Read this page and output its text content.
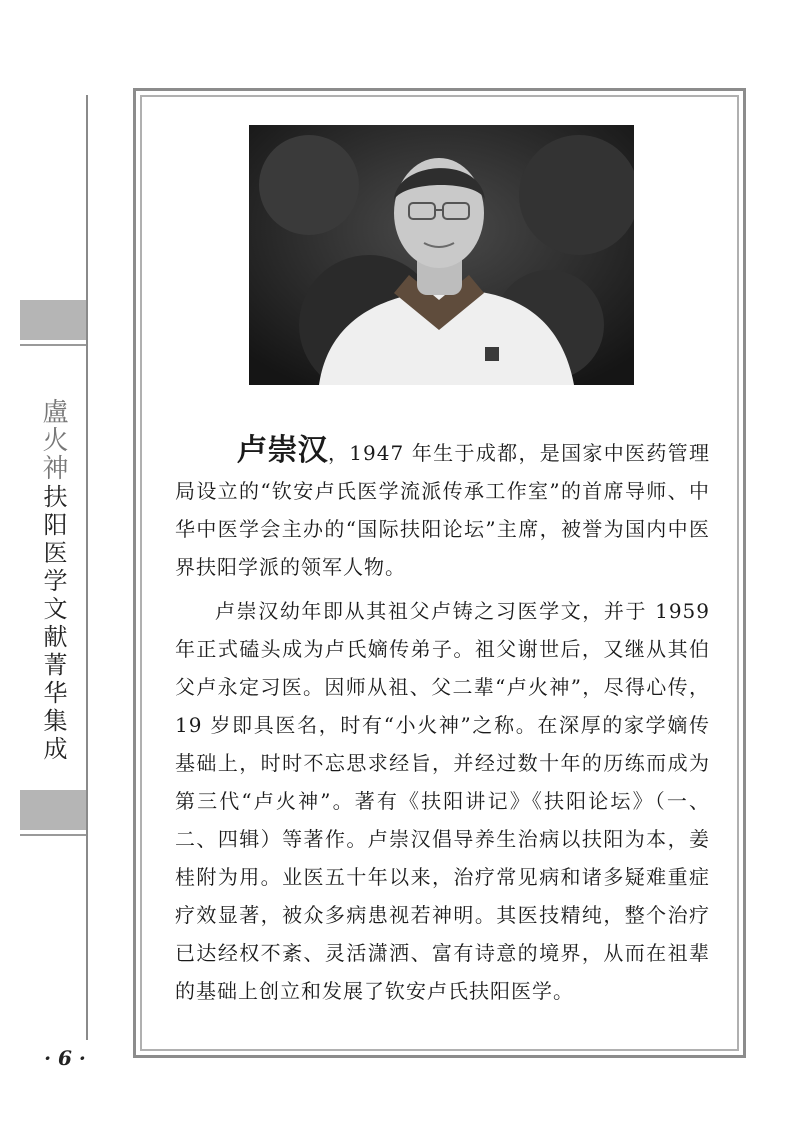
盧火神
扶阳医学文献菁华集成
· 6 ·

卢崇汉，1947 年生于成都，是国家中医药管理局设立的“钦安卢氏医学流派传承工作室”的首席导师、中华中医学会主办的“国际扶阳论坛”主席，被誉为国内中医界扶阳学派的领军人物。

卢崇汉幼年即从其祖父卢铸之习医学文，并于 1959 年正式磕头成为卢氏嫡传弟子。祖父谢世后，又继从其伯父卢永定习医。因师从祖、父二辈“卢火神”，尽得心传，19 岁即具医名，时有“小火神”之称。在深厚的家学嫡传基础上，时时不忘思求经旨，并经过数十年的历练而成为第三代“卢火神”。著有《扶阳讲记》《扶阳论坛》（一、二、四辑）等著作。卢崇汉倡导养生治病以扶阳为本，姜桂附为用。业医五十年以来，治疗常见病和诸多疑难重症疗效显著，被众多病患视若神明。其医技精纯，整个治疗已达经权不紊、灵活潇洒、富有诗意的境界，从而在祖辈的基础上创立和发展了钦安卢氏扶阳医学。
